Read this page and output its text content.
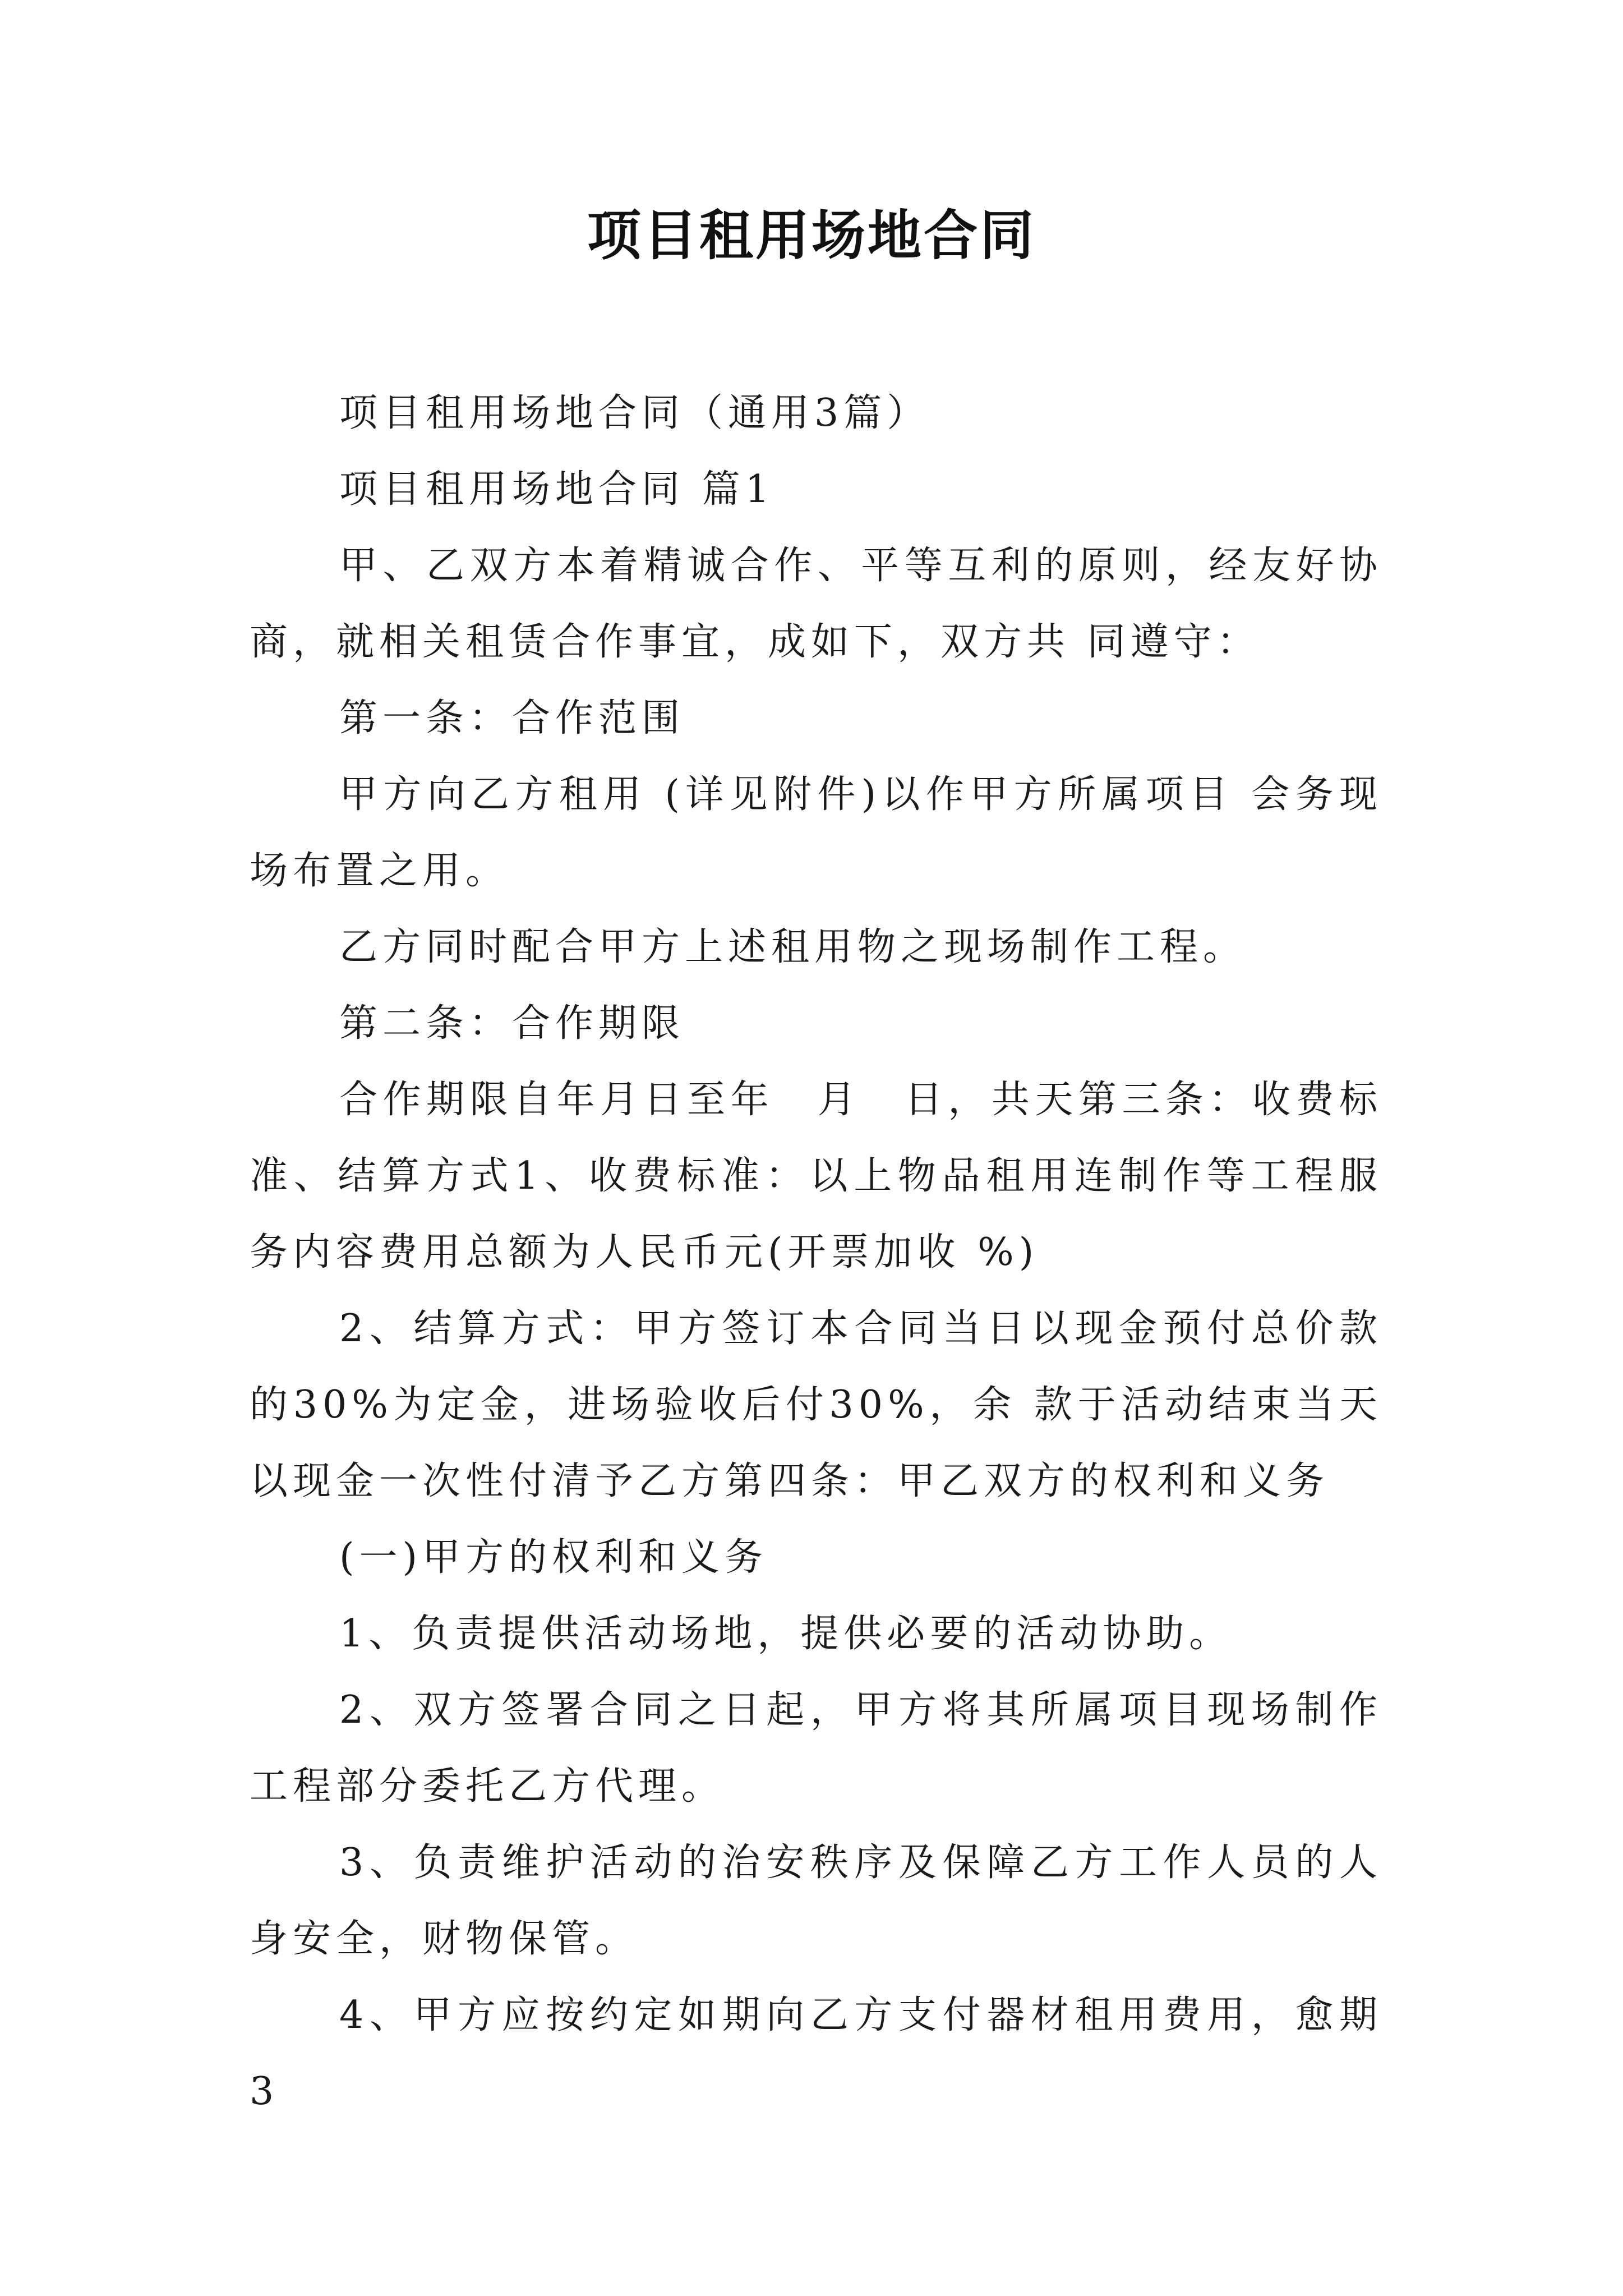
项目租用场地合同

项目租用场地合同（通用3篇）

项目租用场地合同 篇1

甲、乙双方本着精诚合作、平等互利的原则，经友好协商，就相关租赁合作事宜，成如下，双方共 同遵守：

第一条：合作范围

甲方向乙方租用 (详见附件)以作甲方所属项目 会务现场布置之用。

乙方同时配合甲方上述租用物之现场制作工程。

第二条：合作期限

合作期限自年月日至年　月　日，共天第三条：收费标准、结算方式1、收费标准：以上物品租用连制作等工程服务内容费用总额为人民币元(开票加收 %)

2、结算方式：甲方签订本合同当日以现金预付总价款的30%为定金，进场验收后付30%，余 款于活动结束当天以现金一次性付清予乙方第四条：甲乙双方的权利和义务

(一)甲方的权利和义务

1、负责提供活动场地，提供必要的活动协助。

2、双方签署合同之日起，甲方将其所属项目现场制作工程部分委托乙方代理。

3、负责维护活动的治安秩序及保障乙方工作人员的人身安全，财物保管。

4、甲方应按约定如期向乙方支付器材租用费用，愈期3
